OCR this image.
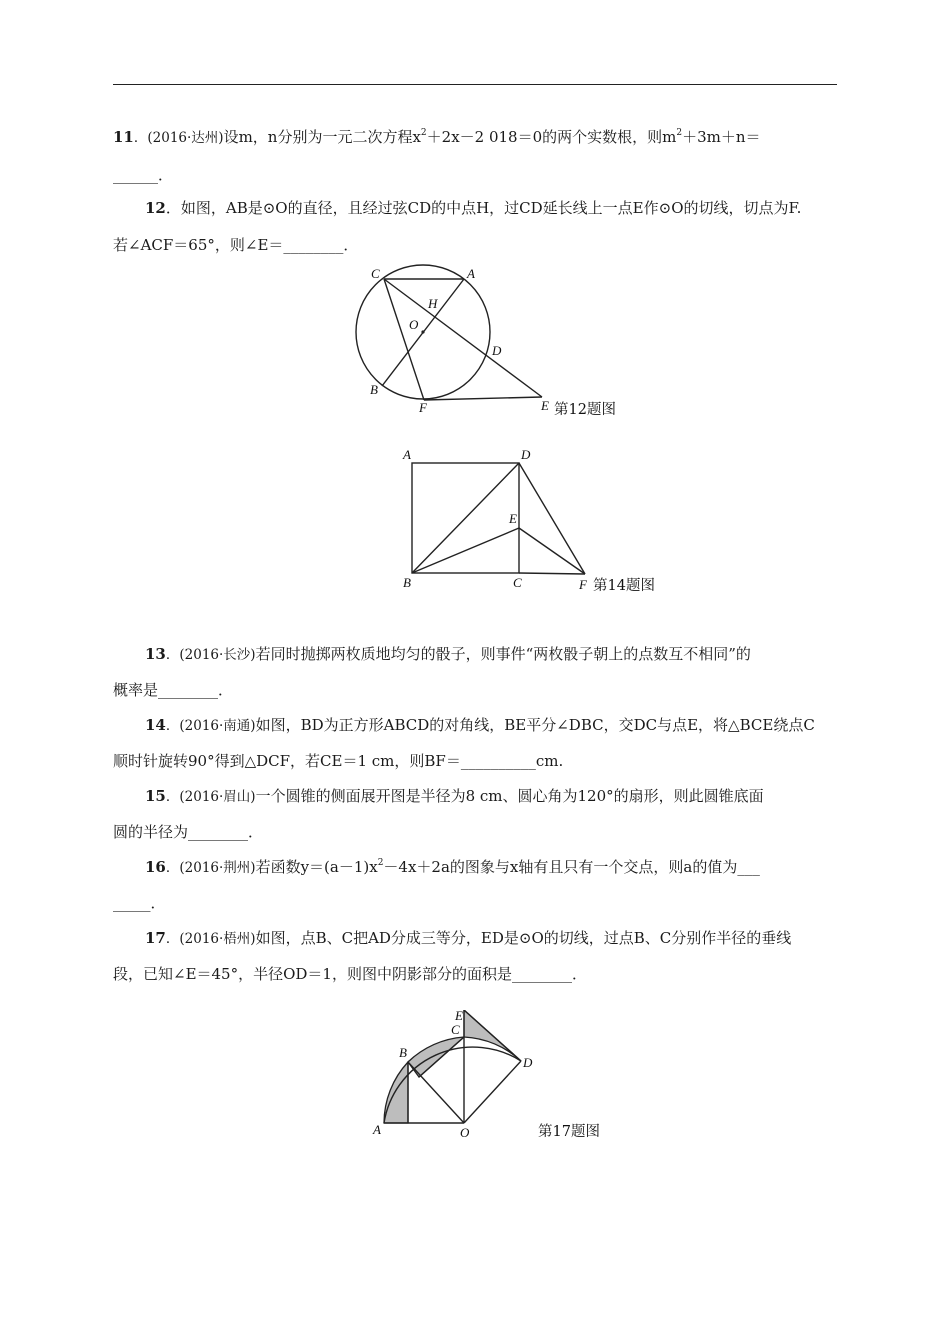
11．(2016·达州)设m，n分别为一元二次方程$x^2+2x-2$ 018＝0的两个实数根，则$m^2+3m+n=$
______．
12．如图，AB是⊙O的直径，且经过弦CD的中点H，过CD延长线上一点E作⊙O的切线，切点为F.
若∠ACF＝65°，则∠E＝________．
C	A
H
O
D
B
F	E 第12题图
A	D
E
B	C	F 第14题图
13．(2016·长沙)若同时抛掷两枚质地均匀的骰子，则事件“两枚骰子朝上的点数互不相同”的
概率是________．
14．(2016·南通)如图，BD为正方形ABCD的对角线，BE平分∠DBC，交DC与点E，将△BCE绕点C
顺时针旋转90°得到△DCF，若CE＝1 cm，则BF＝__________cm.
15．(2016·眉山)一个圆锥的侧面展开图是半径为8 cm、圆心角为120°的扇形，则此圆锥底面
圆的半径为________．
16．(2016·荆州)若函数$y=(a-1)x^2-4x+2a$的图象与x轴有且只有一个交点，则a的值为___
_____．
17．(2016·梧州)如图，点B、C把AD分成三等分，ED是⊙O的切线，过点B、C分别作半径的垂线
段，已知∠E＝45°，半径OD＝1，则图中阴影部分的面积是________．
A
B
C
D
E
O	第17题图
